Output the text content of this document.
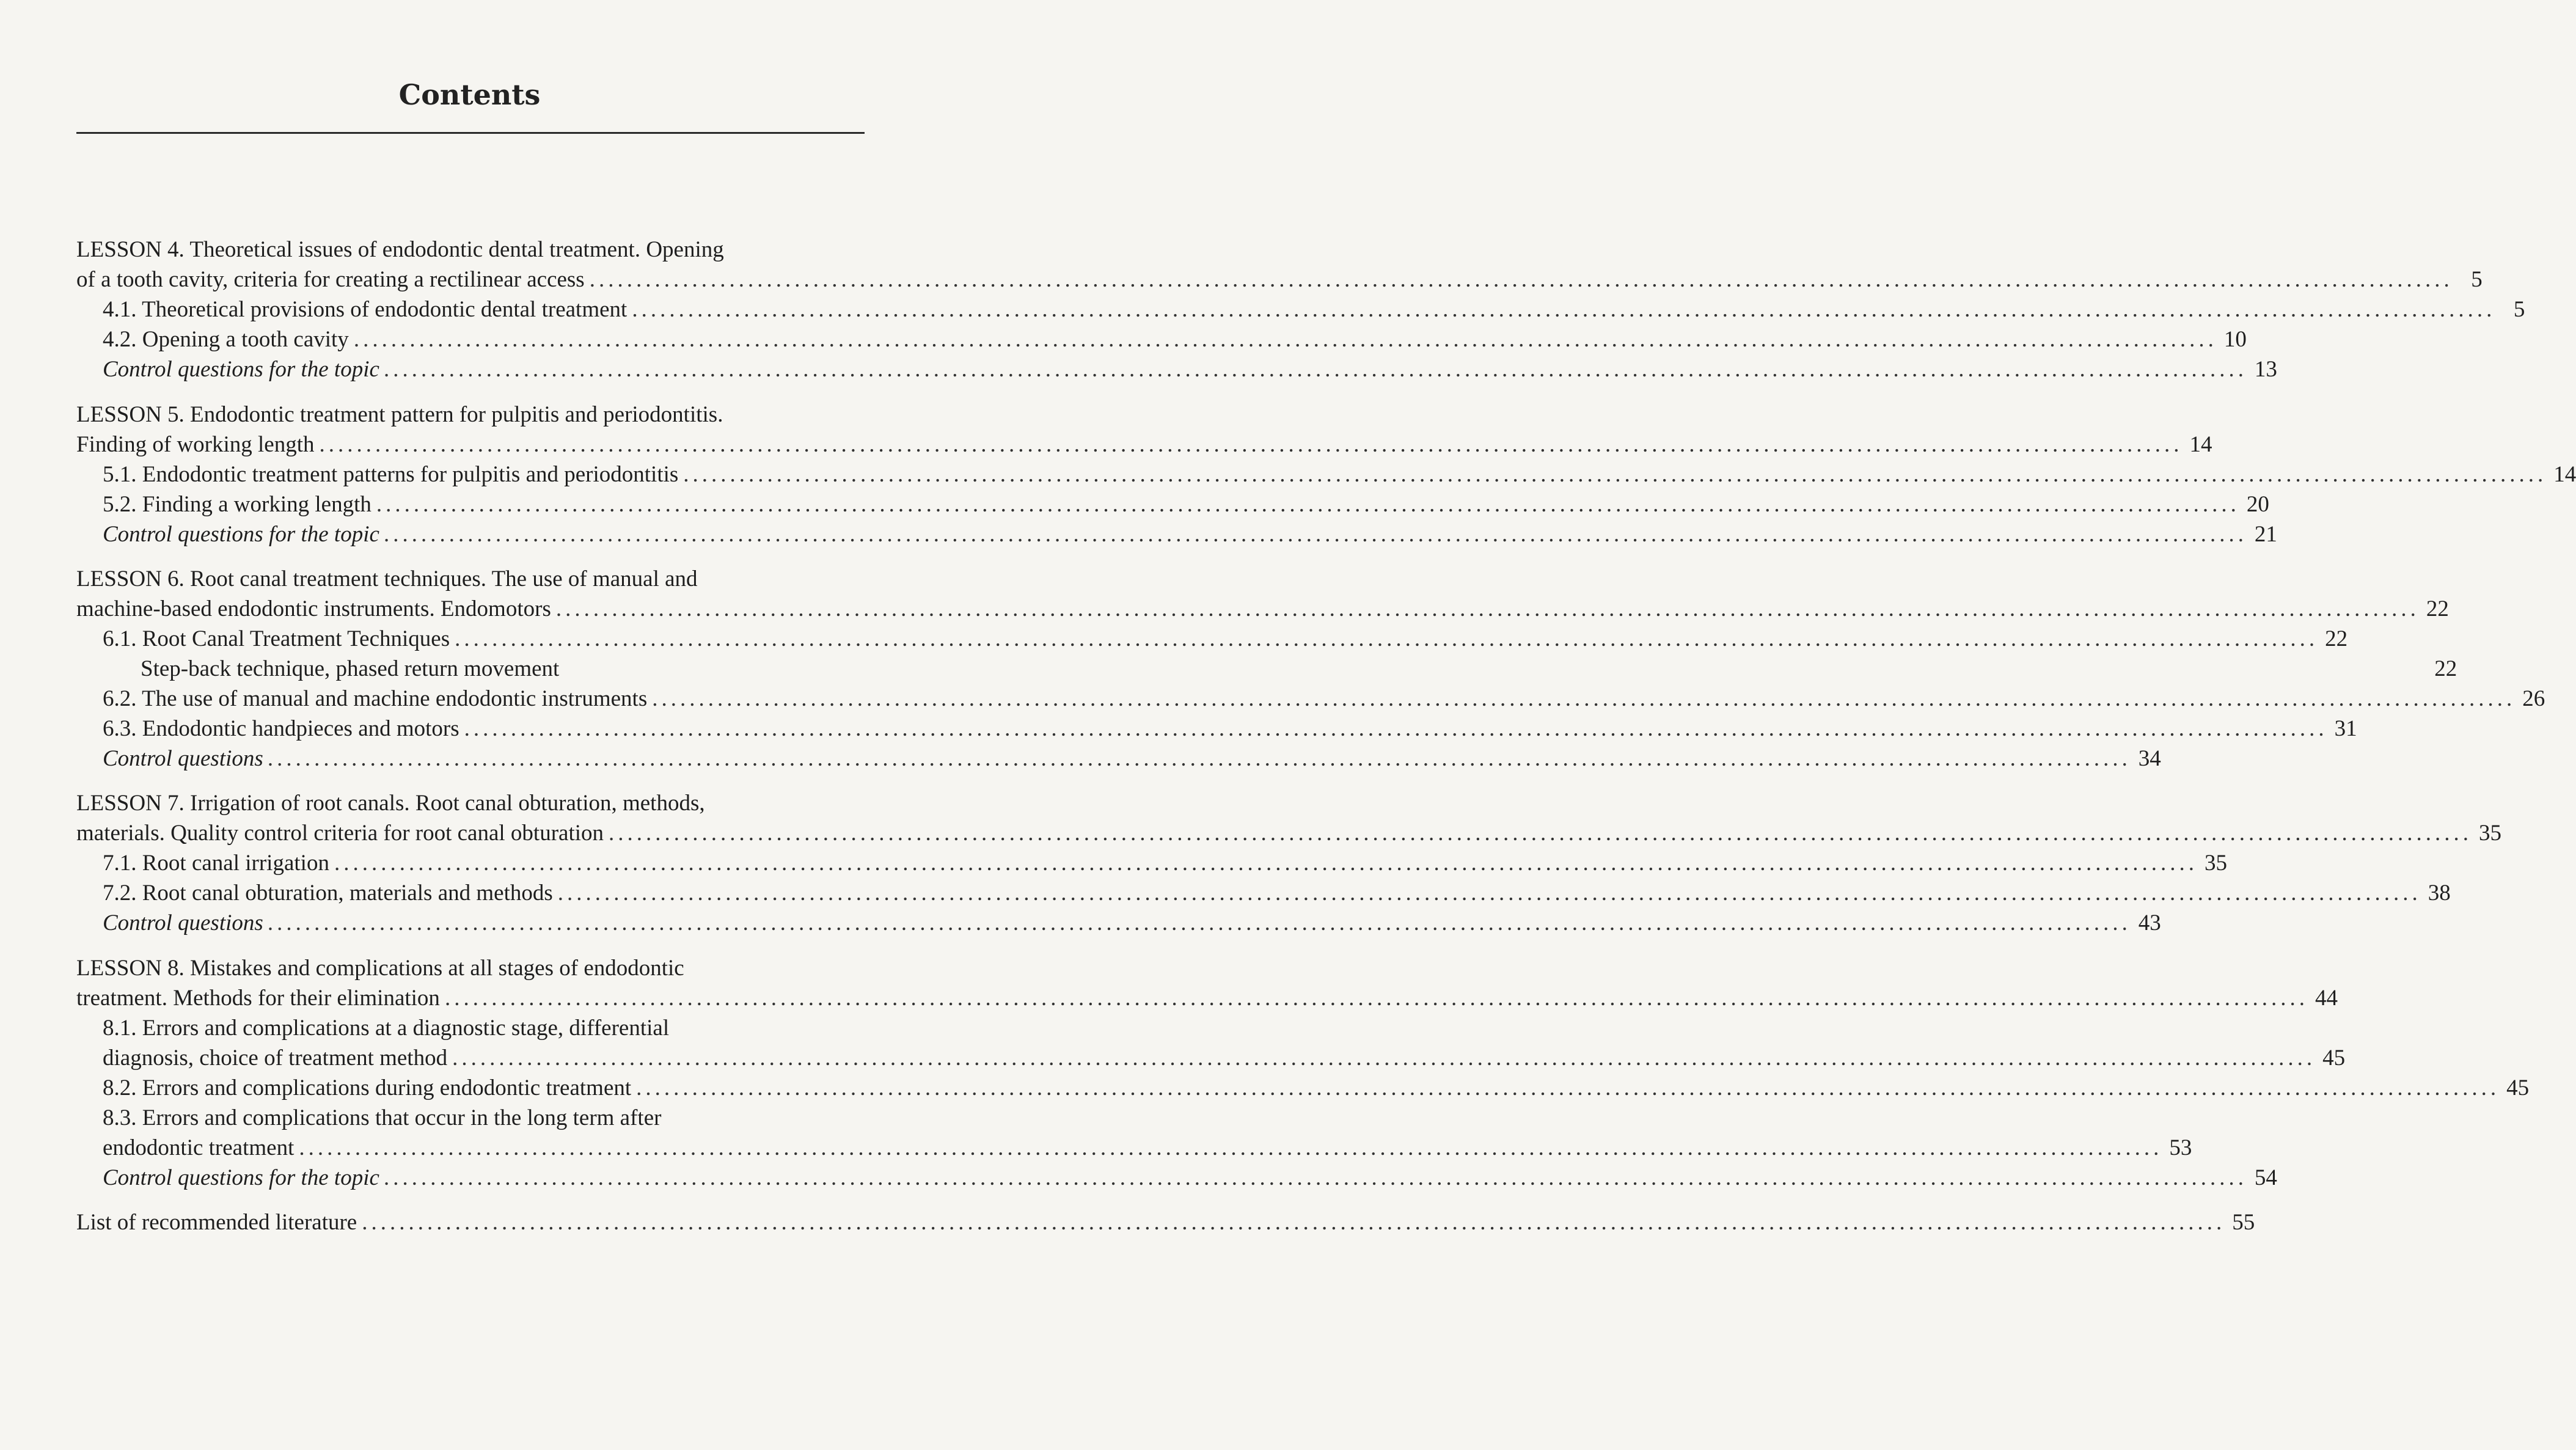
Contents
LESSON 4. Theoretical issues of endodontic dental treatment. Opening
of a tooth cavity, criteria for creating a rectilinear access ........................................................................................................................................................................................................ 5
4.1. Theoretical provisions of endodontic dental treatment ........................................................................................................................................................................................................ 5
4.2. Opening a tooth cavity ........................................................................................................................................................................................................ 10
Control questions for the topic ........................................................................................................................................................................................................ 13
LESSON 5. Endodontic treatment pattern for pulpitis and periodontitis.
Finding of working length ........................................................................................................................................................................................................ 14
5.1. Endodontic treatment patterns for pulpitis and periodontitis ........................................................................................................................................................................................................ 14
5.2. Finding a working length ........................................................................................................................................................................................................ 20
Control questions for the topic ........................................................................................................................................................................................................ 21
LESSON 6. Root canal treatment techniques. The use of manual and
machine-based endodontic instruments. Endomotors ........................................................................................................................................................................................................ 22
6.1. Root Canal Treatment Techniques ........................................................................................................................................................................................................ 22
Step-back technique, phased return movement	22
6.2. The use of manual and machine endodontic instruments ........................................................................................................................................................................................................ 26
6.3. Endodontic handpieces and motors ........................................................................................................................................................................................................ 31
Control questions ........................................................................................................................................................................................................ 34
LESSON 7. Irrigation of root canals. Root canal obturation, methods,
materials. Quality control criteria for root canal obturation ........................................................................................................................................................................................................ 35
7.1. Root canal irrigation ........................................................................................................................................................................................................ 35
7.2. Root canal obturation, materials and methods ........................................................................................................................................................................................................ 38
Control questions ........................................................................................................................................................................................................ 43
LESSON 8. Mistakes and complications at all stages of endodontic
treatment. Methods for their elimination ........................................................................................................................................................................................................ 44
8.1. Errors and complications at a diagnostic stage, differential
diagnosis, choice of treatment method ........................................................................................................................................................................................................ 45
8.2. Errors and complications during endodontic treatment ........................................................................................................................................................................................................ 45
8.3. Errors and complications that occur in the long term after
endodontic treatment ........................................................................................................................................................................................................ 53
Control questions for the topic ........................................................................................................................................................................................................ 54
List of recommended literature ........................................................................................................................................................................................................ 55
